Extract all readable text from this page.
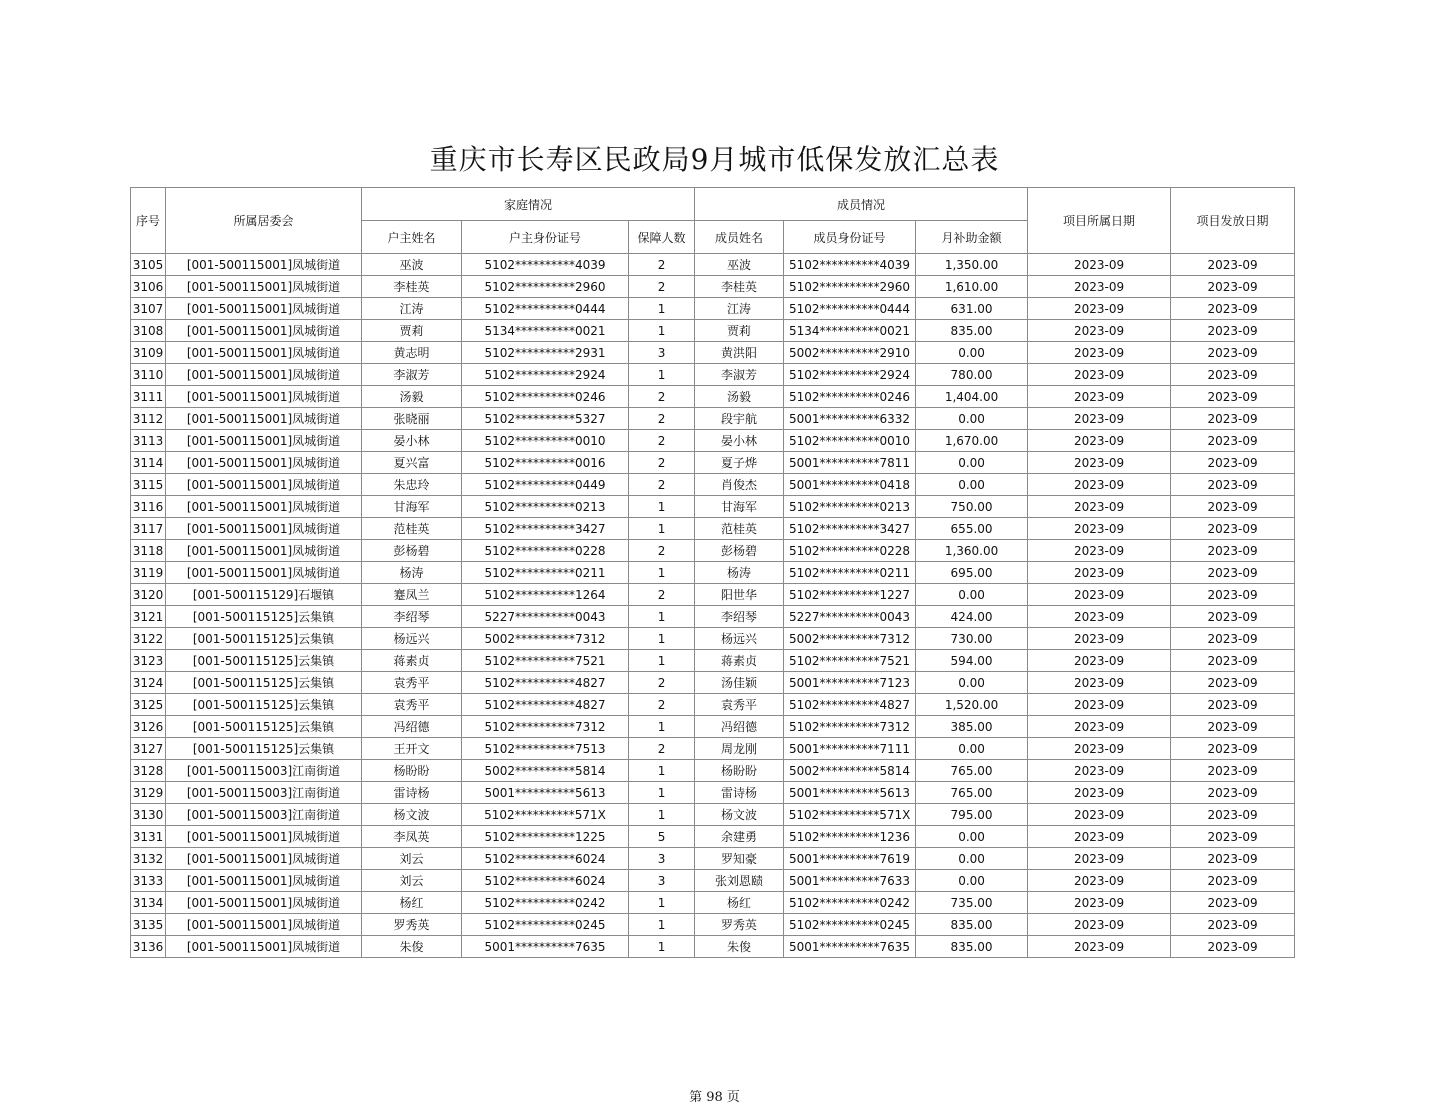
重庆市长寿区民政局9月城市低保发放汇总表
序号	所属居委会	家庭情况			成员情况			项目所属日期	项目发放日期
		户主姓名	户主身份证号	保障人数	成员姓名	成员身份证号	月补助金额		
3105	[001-500115001]凤城街道	巫波	5102**********4039	2	巫波	5102**********4039	1,350.00	2023-09	2023-09
3106	[001-500115001]凤城街道	李桂英	5102**********2960	2	李桂英	5102**********2960	1,610.00	2023-09	2023-09
3107	[001-500115001]凤城街道	江涛	5102**********0444	1	江涛	5102**********0444	631.00	2023-09	2023-09
3108	[001-500115001]凤城街道	贾莉	5134**********0021	1	贾莉	5134**********0021	835.00	2023-09	2023-09
3109	[001-500115001]凤城街道	黄志明	5102**********2931	3	黄洪阳	5002**********2910	0.00	2023-09	2023-09
3110	[001-500115001]凤城街道	李淑芳	5102**********2924	1	李淑芳	5102**********2924	780.00	2023-09	2023-09
3111	[001-500115001]凤城街道	汤毅	5102**********0246	2	汤毅	5102**********0246	1,404.00	2023-09	2023-09
3112	[001-500115001]凤城街道	张晓丽	5102**********5327	2	段宇航	5001**********6332	0.00	2023-09	2023-09
3113	[001-500115001]凤城街道	晏小林	5102**********0010	2	晏小林	5102**********0010	1,670.00	2023-09	2023-09
3114	[001-500115001]凤城街道	夏兴富	5102**********0016	2	夏子烨	5001**********7811	0.00	2023-09	2023-09
3115	[001-500115001]凤城街道	朱忠玲	5102**********0449	2	肖俊杰	5001**********0418	0.00	2023-09	2023-09
3116	[001-500115001]凤城街道	甘海军	5102**********0213	1	甘海军	5102**********0213	750.00	2023-09	2023-09
3117	[001-500115001]凤城街道	范桂英	5102**********3427	1	范桂英	5102**********3427	655.00	2023-09	2023-09
3118	[001-500115001]凤城街道	彭杨碧	5102**********0228	2	彭杨碧	5102**********0228	1,360.00	2023-09	2023-09
3119	[001-500115001]凤城街道	杨涛	5102**********0211	1	杨涛	5102**********0211	695.00	2023-09	2023-09
3120	[001-500115129]石堰镇	蹇凤兰	5102**********1264	2	阳世华	5102**********1227	0.00	2023-09	2023-09
3121	[001-500115125]云集镇	李绍琴	5227**********0043	1	李绍琴	5227**********0043	424.00	2023-09	2023-09
3122	[001-500115125]云集镇	杨远兴	5002**********7312	1	杨远兴	5002**********7312	730.00	2023-09	2023-09
3123	[001-500115125]云集镇	蒋素贞	5102**********7521	1	蒋素贞	5102**********7521	594.00	2023-09	2023-09
3124	[001-500115125]云集镇	袁秀平	5102**********4827	2	汤佳颖	5001**********7123	0.00	2023-09	2023-09
3125	[001-500115125]云集镇	袁秀平	5102**********4827	2	袁秀平	5102**********4827	1,520.00	2023-09	2023-09
3126	[001-500115125]云集镇	冯绍德	5102**********7312	1	冯绍德	5102**********7312	385.00	2023-09	2023-09
3127	[001-500115125]云集镇	王开文	5102**********7513	2	周龙刚	5001**********7111	0.00	2023-09	2023-09
3128	[001-500115003]江南街道	杨盼盼	5002**********5814	1	杨盼盼	5002**********5814	765.00	2023-09	2023-09
3129	[001-500115003]江南街道	雷诗杨	5001**********5613	1	雷诗杨	5001**********5613	765.00	2023-09	2023-09
3130	[001-500115003]江南街道	杨文波	5102**********571X	1	杨文波	5102**********571X	795.00	2023-09	2023-09
3131	[001-500115001]凤城街道	李凤英	5102**********1225	5	余建勇	5102**********1236	0.00	2023-09	2023-09
3132	[001-500115001]凤城街道	刘云	5102**********6024	3	罗知豪	5001**********7619	0.00	2023-09	2023-09
3133	[001-500115001]凤城街道	刘云	5102**********6024	3	张刘恩赜	5001**********7633	0.00	2023-09	2023-09
3134	[001-500115001]凤城街道	杨红	5102**********0242	1	杨红	5102**********0242	735.00	2023-09	2023-09
3135	[001-500115001]凤城街道	罗秀英	5102**********0245	1	罗秀英	5102**********0245	835.00	2023-09	2023-09
3136	[001-500115001]凤城街道	朱俊	5001**********7635	1	朱俊	5001**********7635	835.00	2023-09	2023-09
第 98 页
